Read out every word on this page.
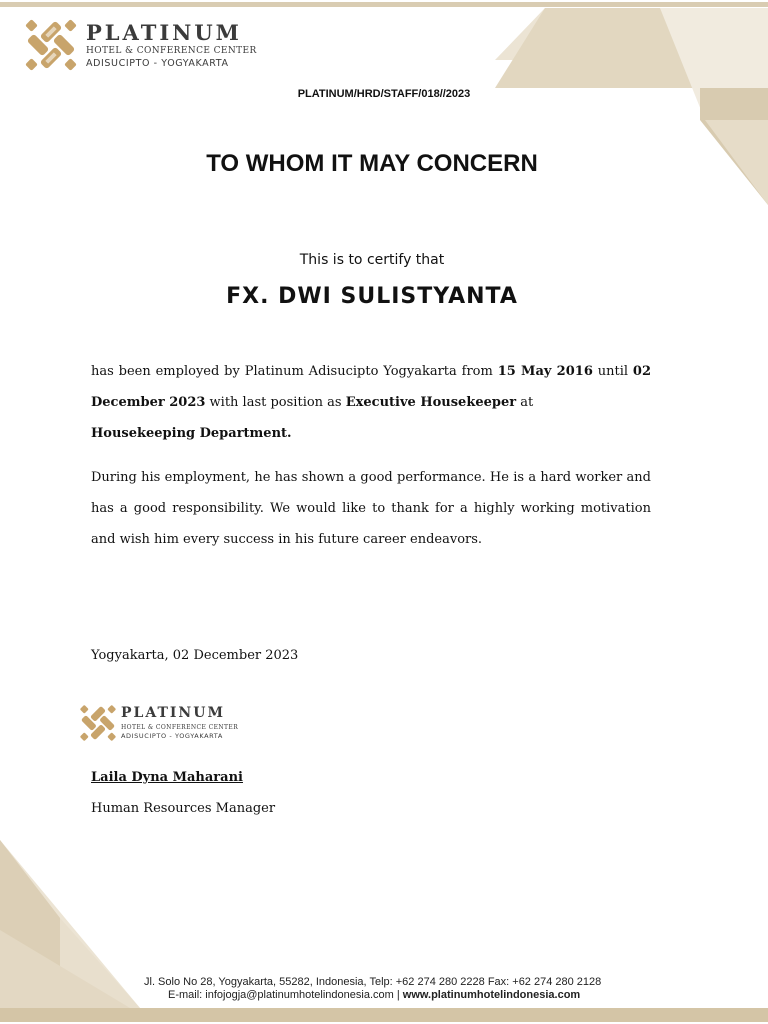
PLATINUM
HOTEL & CONFERENCE CENTER
ADISUCIPTO - YOGYAKARTA
PLATINUM/HRD/STAFF/018//2023
TO WHOM IT MAY CONCERN
This is to certify that
FX. DWI SULISTYANTA
has been employed by Platinum Adisucipto Yogyakarta from 15 May 2016 until 02 December 2023 with last position as Executive Housekeeper at
Housekeeping Department.
During his employment, he has shown a good performance. He is a hard worker and has a good responsibility. We would like to thank for a highly working motivation and wish him every success in his future career endeavors.
Yogyakarta, 02 December 2023
PLATINUM
HOTEL & CONFERENCE CENTER
ADISUCIPTO - YOGYAKARTA
Laila Dyna Maharani
Human Resources Manager
Jl. Solo No 28, Yogyakarta, 55282, Indonesia, Telp: +62 274 280 2228 Fax: +62 274 280 2128
E-mail: infojogja@platinumhotelindonesia.com | www.platinumhotelindonesia.com
